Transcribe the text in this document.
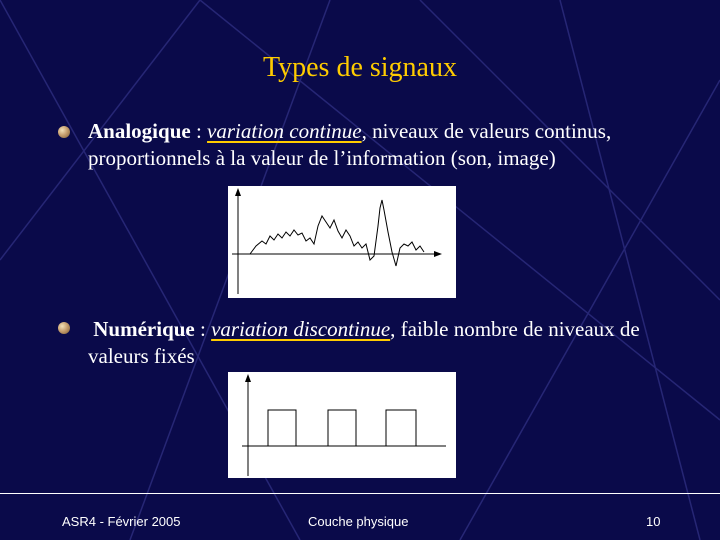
Types de signaux
Analogique : variation continue, niveaux de valeurs continus, proportionnels à la valeur de l’information (son, image)
Numérique : variation discontinue, faible nombre de niveaux de valeurs fixés
ASR4 - Février 2005	Couche physique	10
